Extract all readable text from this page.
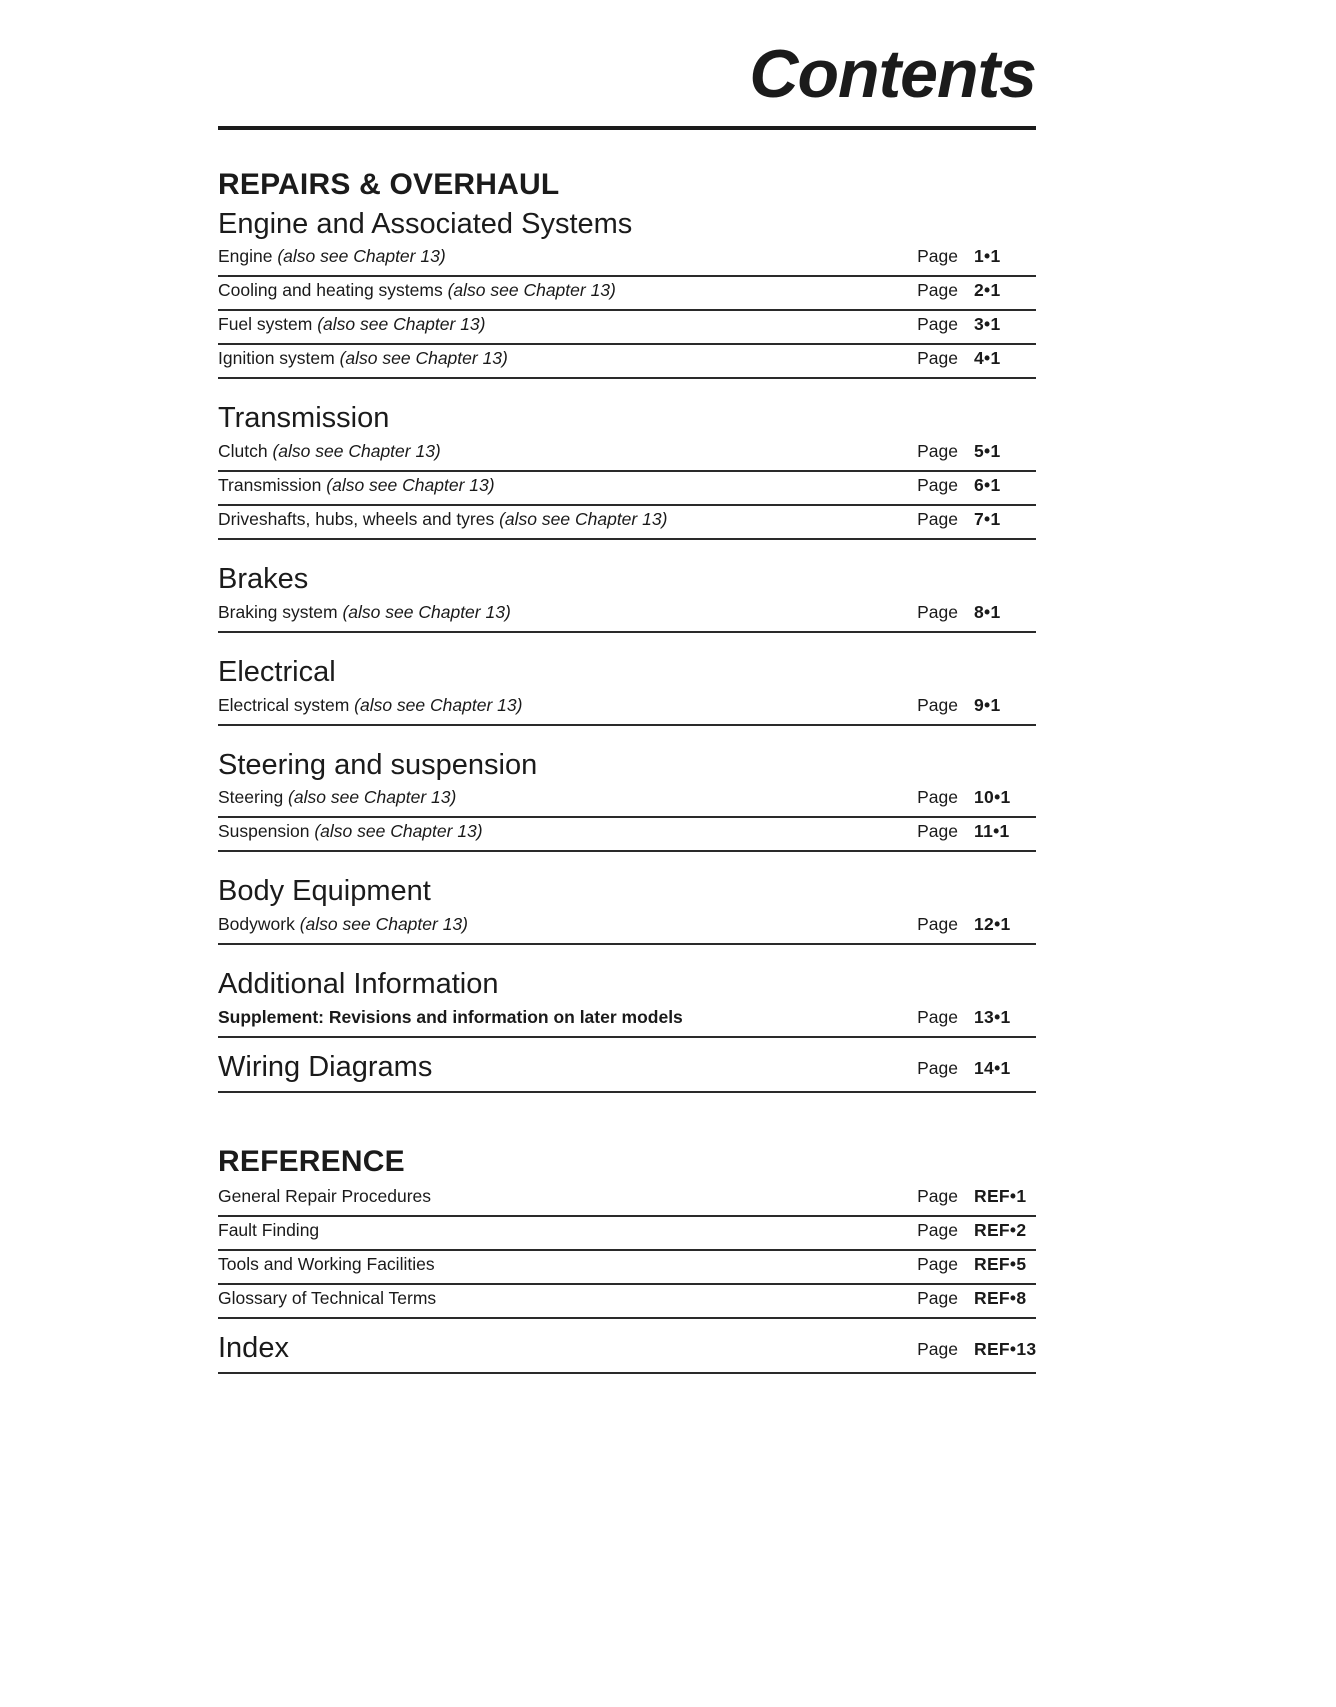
Contents
REPAIRS & OVERHAUL
Engine and Associated Systems
Engine (also see Chapter 13)	Page 1•1
Cooling and heating systems (also see Chapter 13)	Page 2•1
Fuel system (also see Chapter 13)	Page 3•1
Ignition system (also see Chapter 13)	Page 4•1
Transmission
Clutch (also see Chapter 13)	Page 5•1
Transmission (also see Chapter 13)	Page 6•1
Driveshafts, hubs, wheels and tyres (also see Chapter 13)	Page 7•1
Brakes
Braking system (also see Chapter 13)	Page 8•1
Electrical
Electrical system (also see Chapter 13)	Page 9•1
Steering and suspension
Steering (also see Chapter 13)	Page 10•1
Suspension (also see Chapter 13)	Page 11•1
Body Equipment
Bodywork (also see Chapter 13)	Page 12•1
Additional Information
Supplement: Revisions and information on later models	Page 13•1
Wiring Diagrams	Page 14•1
REFERENCE
General Repair Procedures	Page REF•1
Fault Finding	Page REF•2
Tools and Working Facilities	Page REF•5
Glossary of Technical Terms	Page REF•8
Index	Page REF•13
